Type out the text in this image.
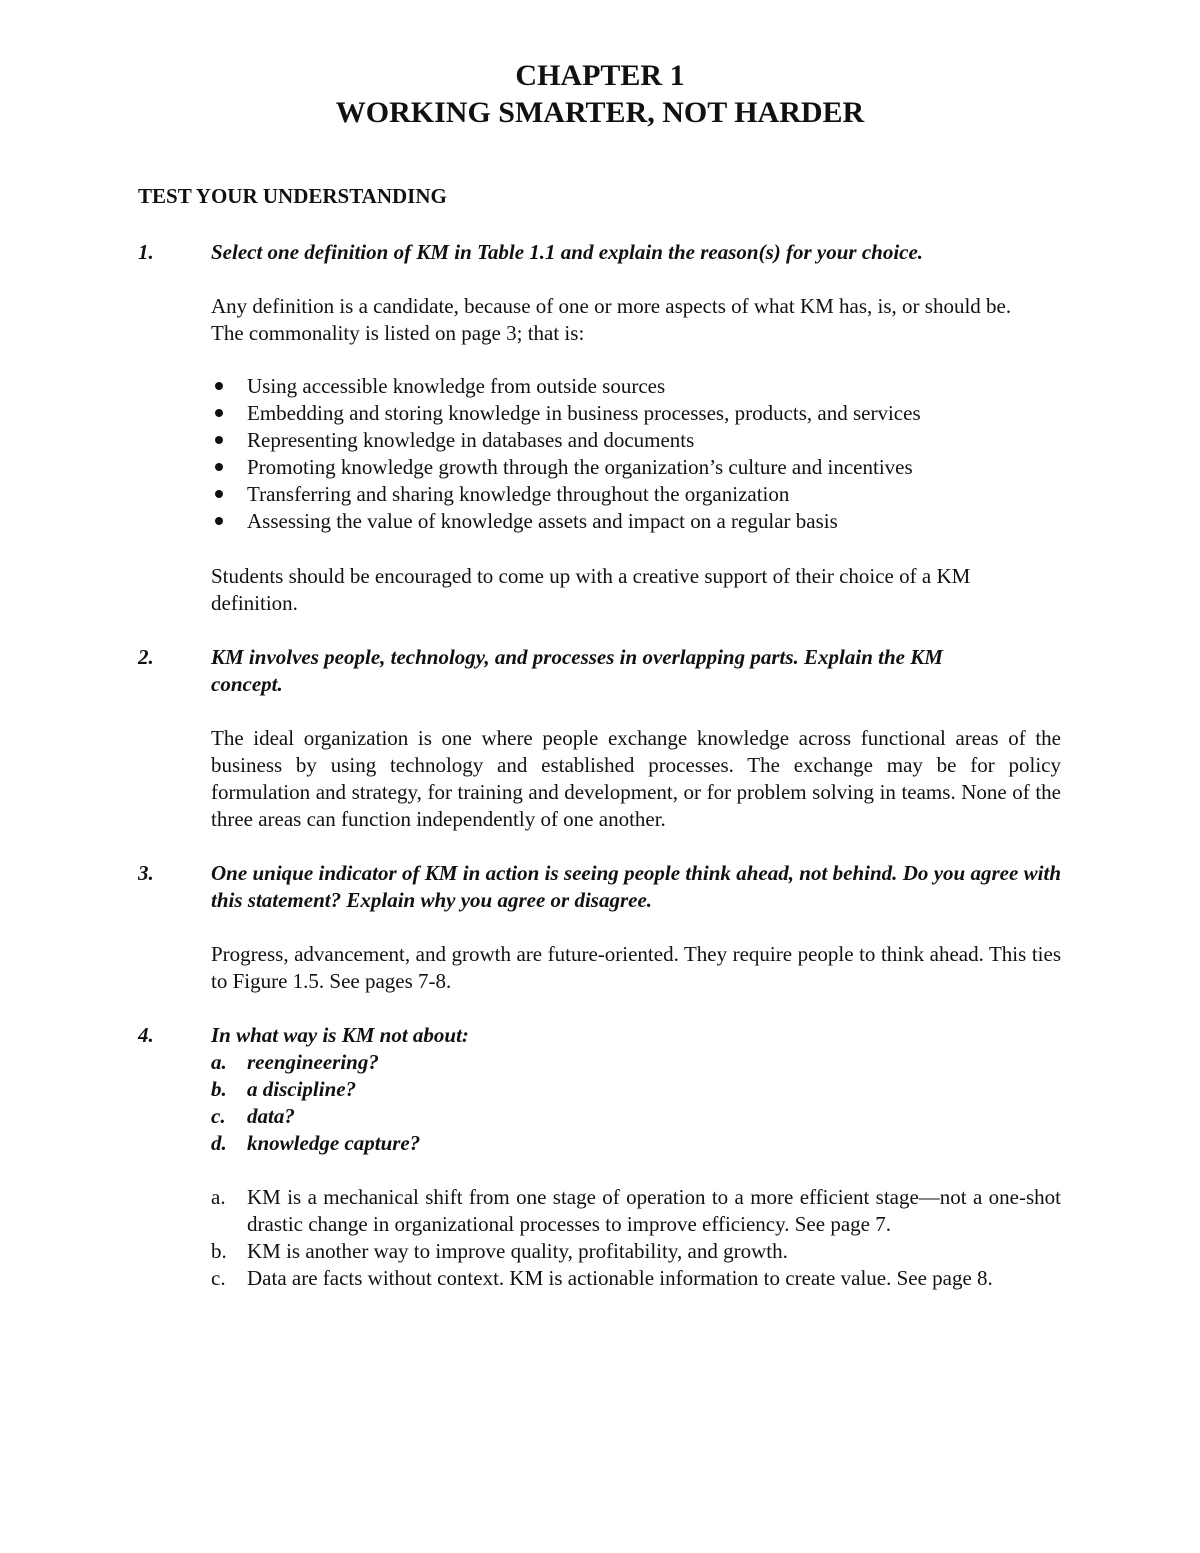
CHAPTER 1
WORKING SMARTER, NOT HARDER
TEST YOUR UNDERSTANDING
1.	Select one definition of KM in Table 1.1 and explain the reason(s) for your choice.

Any definition is a candidate, because of one or more aspects of what KM has, is, or should be. The commonality is listed on page 3; that is:

Using accessible knowledge from outside sources
Embedding and storing knowledge in business processes, products, and services
Representing knowledge in databases and documents
Promoting knowledge growth through the organization’s culture and incentives
Transferring and sharing knowledge throughout the organization
Assessing the value of knowledge assets and impact on a regular basis

Students should be encouraged to come up with a creative support of their choice of a KM definition.

2.	KM involves people, technology, and processes in overlapping parts. Explain the KM concept.

The ideal organization is one where people exchange knowledge across functional areas of the business by using technology and established processes. The exchange may be for policy formulation and strategy, for training and development, or for problem solving in teams. None of the three areas can function independently of one another.

3.	One unique indicator of KM in action is seeing people think ahead, not behind. Do you agree with this statement? Explain why you agree or disagree.

Progress, advancement, and growth are future-oriented. They require people to think ahead. This ties to Figure 1.5. See pages 7-8.

4.	In what way is KM not about:
a. reengineering?
b. a discipline?
c. data?
d. knowledge capture?
a. KM is a mechanical shift from one stage of operation to a more efficient stage—not a one-shot drastic change in organizational processes to improve efficiency. See page 7.
b. KM is another way to improve quality, profitability, and growth.
c. Data are facts without context. KM is actionable information to create value. See page 8.
